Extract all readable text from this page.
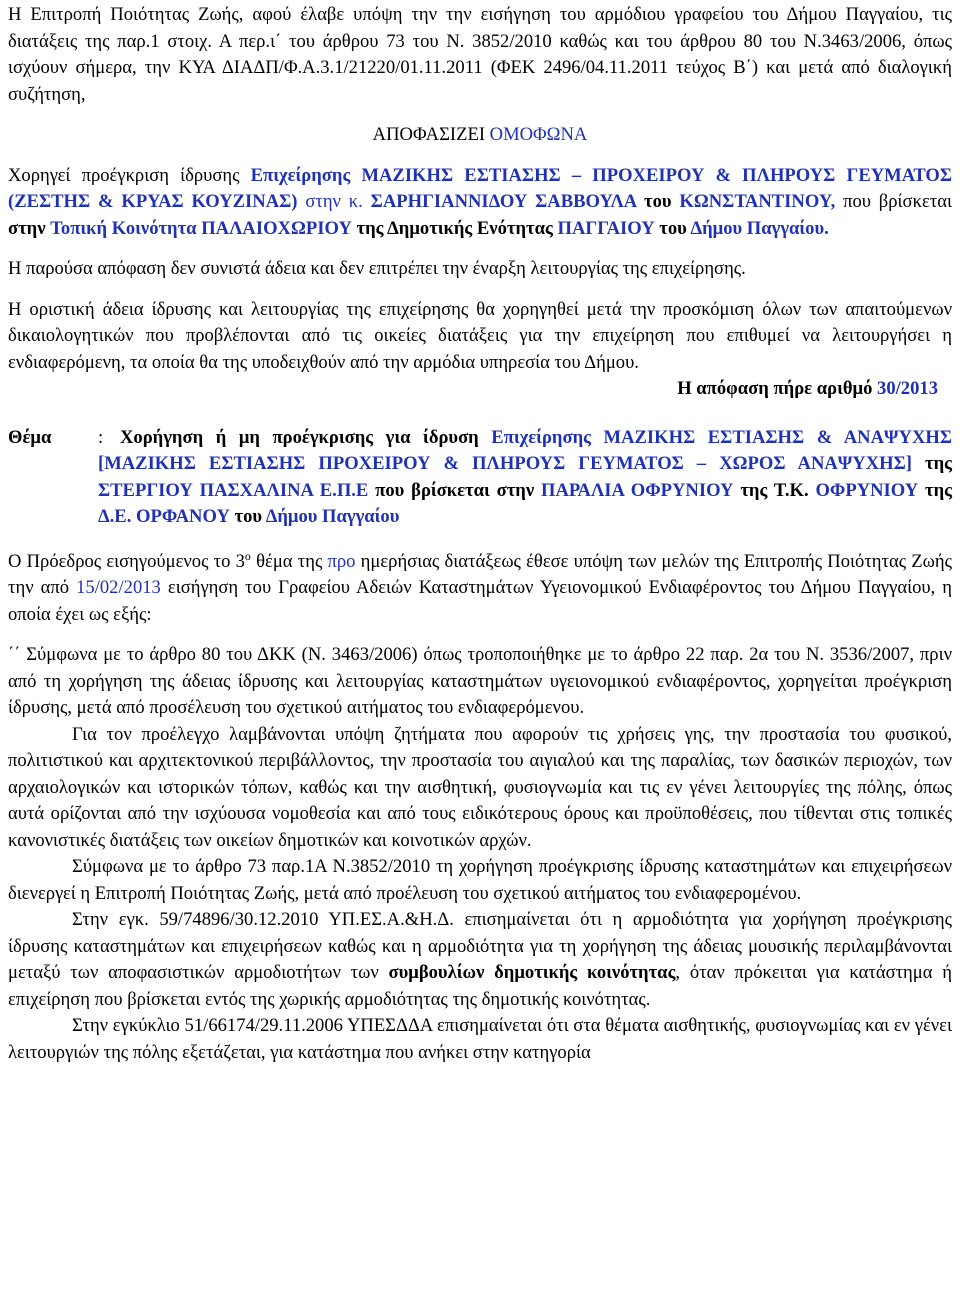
Η Επιτροπή Ποιότητας Ζωής, αφού έλαβε υπόψη την την εισήγηση του αρμόδιου γραφείου του Δήμου Παγγαίου, τις διατάξεις της παρ.1 στοιχ. Α περ.ι΄ του άρθρου 73 του Ν. 3852/2010 καθώς και του άρθρου 80 του Ν.3463/2006, όπως ισχύουν σήμερα, την ΚΥΑ ΔΙΑΔΠ/Φ.Α.3.1/21220/01.11.2011 (ΦΕΚ 2496/04.11.2011 τεύχος Β΄) και μετά από διαλογική συζήτηση,

ΑΠΟΦΑΣΙΖΕΙ ΟΜΟΦΩΝΑ

Χορηγεί προέγκριση ίδρυσης Επιχείρησης ΜΑΖΙΚΗΣ ΕΣΤΙΑΣΗΣ – ΠΡΟΧΕΙΡΟΥ & ΠΛΗΡΟΥΣ ΓΕΥΜΑΤΟΣ (ΖΕΣΤΗΣ & ΚΡΥΑΣ ΚΟΥΖΙΝΑΣ) στην κ. ΣΑΡΗΓΙΑΝΝΙΔΟΥ ΣΑΒΒΟΥΛΑ του ΚΩΝΣΤΑΝΤΙΝΟΥ, που βρίσκεται στην Τοπική Κοινότητα ΠΑΛΑΙΟΧΩΡΙΟΥ της Δημοτικής Ενότητας ΠΑΓΓΑΙΟΥ του Δήμου Παγγαίου.

Η παρούσα απόφαση δεν συνιστά άδεια και δεν επιτρέπει την έναρξη λειτουργίας της επιχείρησης.

Η οριστική άδεια ίδρυσης και λειτουργίας της επιχείρησης θα χορηγηθεί μετά την προσκόμιση όλων των απαιτούμενων δικαιολογητικών που προβλέπονται από τις οικείες διατάξεις για την επιχείρηση που επιθυμεί να λειτουργήσει η ενδιαφερόμενη, τα οποία θα της υποδειχθούν από την αρμόδια υπηρεσία του Δήμου.

Η απόφαση πήρε αριθμό 30/2013

Θέμα	: Χορήγηση ή μη προέγκρισης για ίδρυση Επιχείρησης ΜΑΖΙΚΗΣ ΕΣΤΙΑΣΗΣ & ΑΝΑΨΥΧΗΣ [ΜΑΖΙΚΗΣ ΕΣΤΙΑΣΗΣ ΠΡΟΧΕΙΡΟΥ & ΠΛΗΡΟΥΣ ΓΕΥΜΑΤΟΣ – ΧΩΡΟΣ ΑΝΑΨΥΧΗΣ] της ΣΤΕΡΓΙΟΥ ΠΑΣΧΑΛΙΝΑ Ε.Π.Ε που βρίσκεται στην ΠΑΡΑΛΙΑ ΟΦΡΥΝΙΟΥ της Τ.Κ. ΟΦΡΥΝΙΟΥ της Δ.Ε. ΟΡΦΑΝΟΥ του Δήμου Παγγαίου

Ο Πρόεδρος εισηγούμενος το $3^o$ θέμα της προ ημερήσιας διατάξεως έθεσε υπόψη των μελών της Επιτροπής Ποιότητας Ζωής την από 15/02/2013 εισήγηση του Γραφείου Αδειών Καταστημάτων Υγειονομικού Ενδιαφέροντος του Δήμου Παγγαίου, η οποία έχει ως εξής:

΄΄ Σύμφωνα με το άρθρο 80 του ΔΚΚ (Ν. 3463/2006) όπως τροποποιήθηκε με το άρθρο 22 παρ. 2α του Ν. 3536/2007, πριν από τη χορήγηση της άδειας ίδρυσης και λειτουργίας καταστημάτων υγειονομικού ενδιαφέροντος, χορηγείται προέγκριση ίδρυσης, μετά από προσέλευση του σχετικού αιτήματος του ενδιαφερόμενου.

Για τον προέλεγχο λαμβάνονται υπόψη ζητήματα που αφορούν τις χρήσεις γης, την προστασία του φυσικού, πολιτιστικού και αρχιτεκτονικού περιβάλλοντος, την προστασία του αιγιαλού και της παραλίας, των δασικών περιοχών, των αρχαιολογικών και ιστορικών τόπων, καθώς και την αισθητική, φυσιογνωμία και τις εν γένει λειτουργίες της πόλης, όπως αυτά ορίζονται από την ισχύουσα νομοθεσία και από τους ειδικότερους όρους και προϋποθέσεις, που τίθενται στις τοπικές κανονιστικές διατάξεις των οικείων δημοτικών και κοινοτικών αρχών.

Σύμφωνα με το άρθρο 73 παρ.1Α Ν.3852/2010 τη χορήγηση προέγκρισης ίδρυσης καταστημάτων και επιχειρήσεων διενεργεί η Επιτροπή Ποιότητας Ζωής, μετά από προέλευση του σχετικού αιτήματος του ενδιαφερομένου.

Στην εγκ. 59/74896/30.12.2010 ΥΠ.ΕΣ.Α.&Η.Δ. επισημαίνεται ότι η αρμοδιότητα για χορήγηση προέγκρισης ίδρυσης καταστημάτων και επιχειρήσεων καθώς και η αρμοδιότητα για τη χορήγηση της άδειας μουσικής περιλαμβάνονται μεταξύ των αποφασιστικών αρμοδιοτήτων των συμβουλίων δημοτικής κοινότητας, όταν πρόκειται για κατάστημα ή επιχείρηση που βρίσκεται εντός της χωρικής αρμοδιότητας της δημοτικής κοινότητας.

Στην εγκύκλιο 51/66174/29.11.2006 ΥΠΕΣΔΔΑ επισημαίνεται ότι στα θέματα αισθητικής, φυσιογνωμίας και εν γένει λειτουργιών της πόλης εξετάζεται, για κατάστημα που ανήκει στην κατηγορία
